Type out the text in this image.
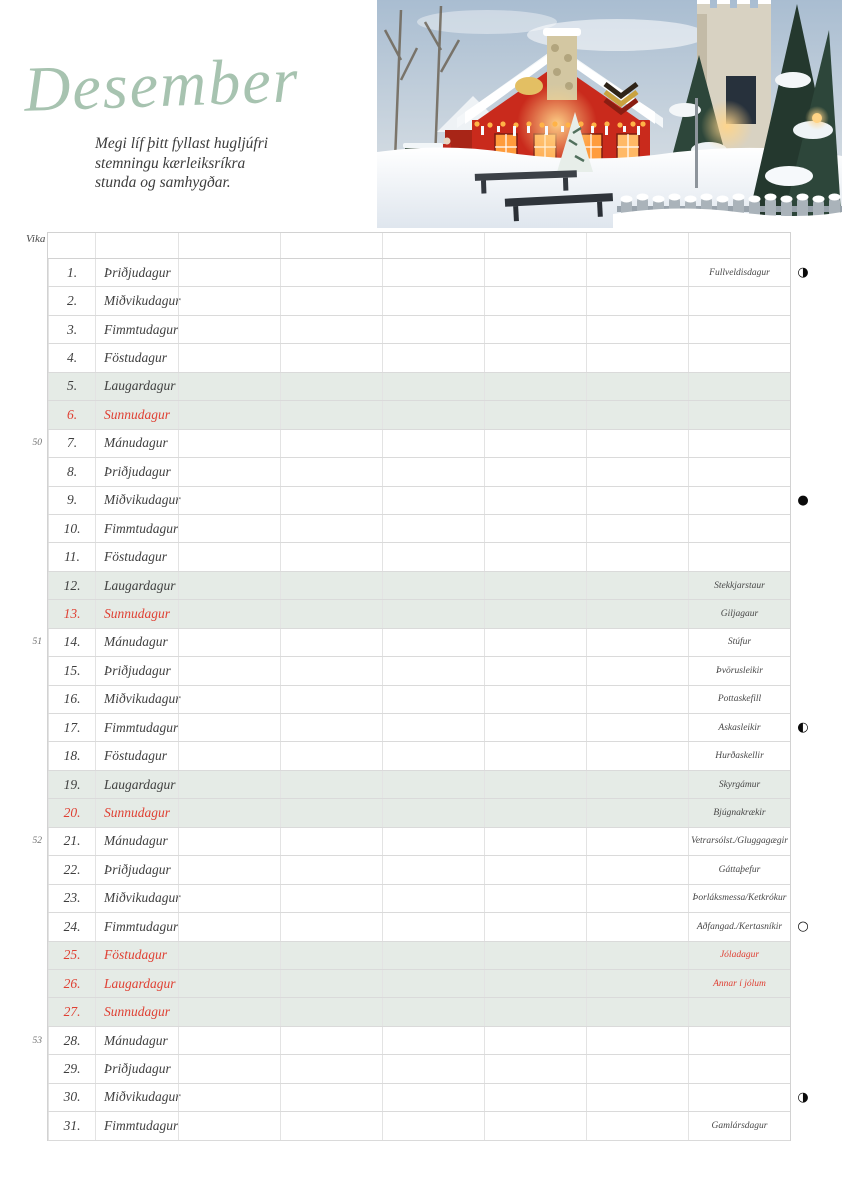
Desember
Megi líf þitt fyllast hugljúfri
stemningu kærleiksríkra
stunda og samhygðar.
Vika
1.	Þriðjudagur	Fullveldisdagur	◑
2.	Miðvikudagur
3.	Fimmtudagur
4.	Föstudagur
5.	Laugardagur
6.	Sunnudagur
50	7.	Mánudagur
8.	Þriðjudagur
9.	Miðvikudagur	●
10.	Fimmtudagur
11.	Föstudagur
12.	Laugardagur	Stekkjarstaur
13.	Sunnudagur	Giljagaur
51	14.	Mánudagur	Stúfur
15.	Þriðjudagur	Þvörusleikir
16.	Miðvikudagur	Pottaskefill
17.	Fimmtudagur	Askasleikir	◐
18.	Föstudagur	Hurðaskellir
19.	Laugardagur	Skyrgámur
20.	Sunnudagur	Bjúgnakrækir
52	21.	Mánudagur	Vetrarsólst./Gluggagægir
22.	Þriðjudagur	Gáttaþefur
23.	Miðvikudagur	Þorláksmessa/Ketkrókur
24.	Fimmtudagur	Aðfangad./Kertasníkir	○
25.	Föstudagur	Jóladagur
26.	Laugardagur	Annar í jólum
27.	Sunnudagur
53	28.	Mánudagur
29.	Þriðjudagur
30.	Miðvikudagur	◑
31.	Fimmtudagur	Gamlársdagur
